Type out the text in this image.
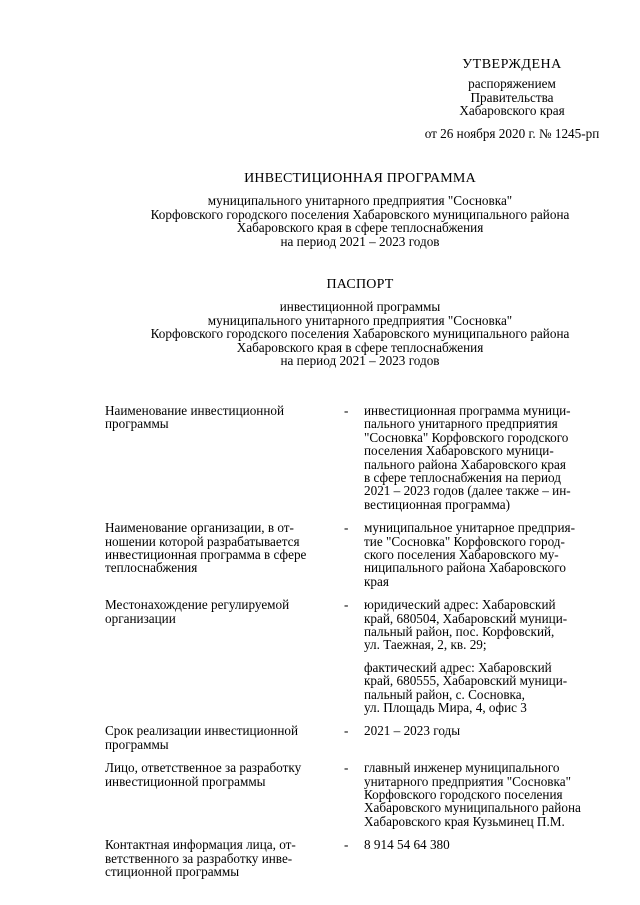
УТВЕРЖДЕНА
распоряжением
Правительства
Хабаровского края
от 26 ноября 2020 г. № 1245-рп
ИНВЕСТИЦИОННАЯ ПРОГРАММА
муниципального унитарного предприятия "Сосновка"
Корфовского городского поселения Хабаровского муниципального района
Хабаровского края в сфере теплоснабжения
на период 2021 – 2023 годов
ПАСПОРТ
инвестиционной программы
муниципального унитарного предприятия "Сосновка"
Корфовского городского поселения Хабаровского муниципального района
Хабаровского края в сфере теплоснабжения
на период 2021 – 2023 годов
Наименование инвестиционной
программы
-	инвестиционная программа муници-
пального унитарного предприятия
"Сосновка" Корфовского городского
поселения Хабаровского муници-
пального района Хабаровского края
в сфере теплоснабжения на период
2021 – 2023 годов (далее также – ин-
вестиционная программа)
Наименование организации, в от-
ношении которой разрабатывается
инвестиционная программа в сфере
теплоснабжения
-	муниципальное унитарное предприя-
тие "Сосновка" Корфовского город-
ского поселения Хабаровского му-
ниципального района Хабаровского
края
Местонахождение регулируемой
организации
-	юридический адрес: Хабаровский
край, 680504, Хабаровский муници-
пальный район, пос. Корфовский,
ул. Таежная, 2, кв. 29;
фактический адрес: Хабаровский
край, 680555, Хабаровский муници-
пальный район, с. Сосновка,
ул. Площадь Мира, 4, офис 3
Срок реализации инвестиционной
программы
-	2021 – 2023 годы
Лицо, ответственное за разработку
инвестиционной программы
-	главный инженер муниципального
унитарного предприятия "Сосновка"
Корфовского городского поселения
Хабаровского муниципального района
Хабаровского края Кузьминец П.М.
Контактная информация лица, от-
ветственного за разработку инве-
стиционной программы
-	8 914 54 64 380
